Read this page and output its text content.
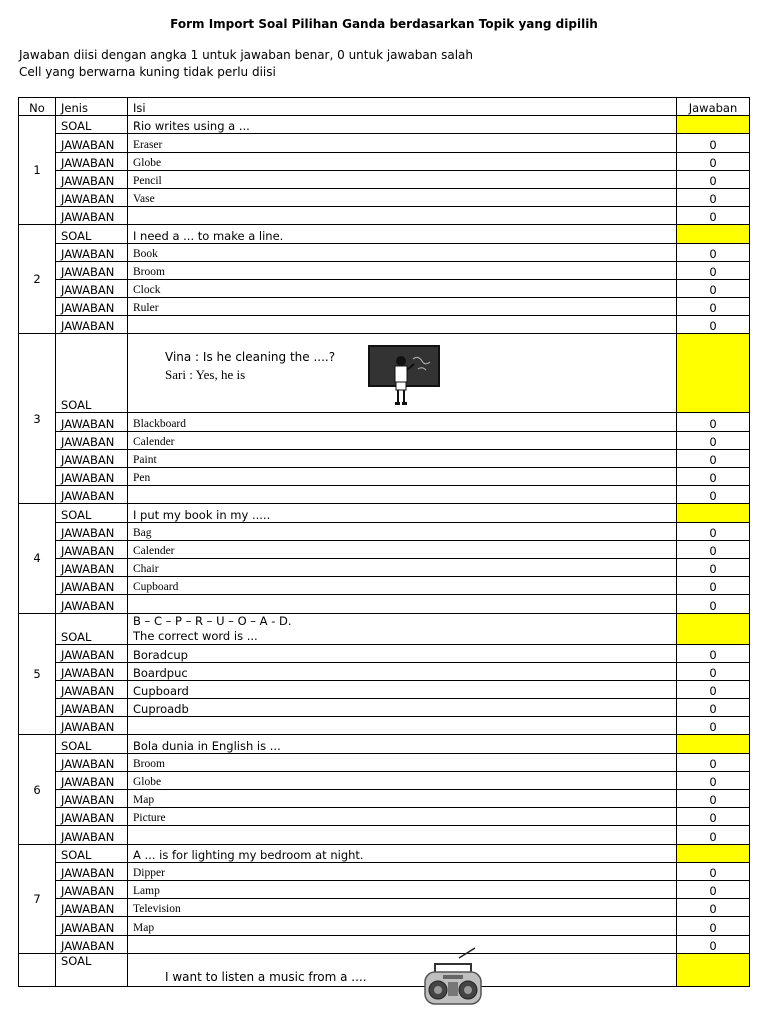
Form Import Soal Pilihan Ganda berdasarkan Topik yang dipilih
Jawaban diisi dengan angka 1 untuk jawaban benar, 0 untuk jawaban salah
Cell yang berwarna kuning tidak perlu diisi
No	Jenis	Isi	Jawaban
1	SOAL	Rio writes using a ...	
	JAWABAN	Eraser	0
	JAWABAN	Globe	0
	JAWABAN	Pencil	0
	JAWABAN	Vase	0
	JAWABAN		0
2	SOAL	I need a ... to make a line.	
	JAWABAN	Book	0
	JAWABAN	Broom	0
	JAWABAN	Clock	0
	JAWABAN	Ruler	0
	JAWABAN		0
3	SOAL	Vina : Is he cleaning the ....?
Sari : Yes, he is	

	JAWABAN	Blackboard	0
	JAWABAN	Calender	0
	JAWABAN	Paint	0
	JAWABAN	Pen	0
	JAWABAN		0
4	SOAL	I put my book in my .....	
	JAWABAN	Bag	0
	JAWABAN	Calender	0
	JAWABAN	Chair	0
	JAWABAN	Cupboard	0
	JAWABAN		0
5	SOAL	B – C – P – R – U – O – A - D.
The correct word is ...	

	JAWABAN	Boradcup	0
	JAWABAN	Boardpuc	0
	JAWABAN	Cupboard	0
	JAWABAN	Cuproadb	0
	JAWABAN		0
6	SOAL	Bola dunia in English is ...	
	JAWABAN	Broom	0
	JAWABAN	Globe	0
	JAWABAN	Map	0
	JAWABAN	Picture	0
	JAWABAN		0
7	SOAL	A ... is for lighting my bedroom at night.	
	JAWABAN	Dipper	0
	JAWABAN	Lamp	0
	JAWABAN	Television	0
	JAWABAN	Map	0
	JAWABAN		0
	SOAL	I want to listen a music from a ....	
